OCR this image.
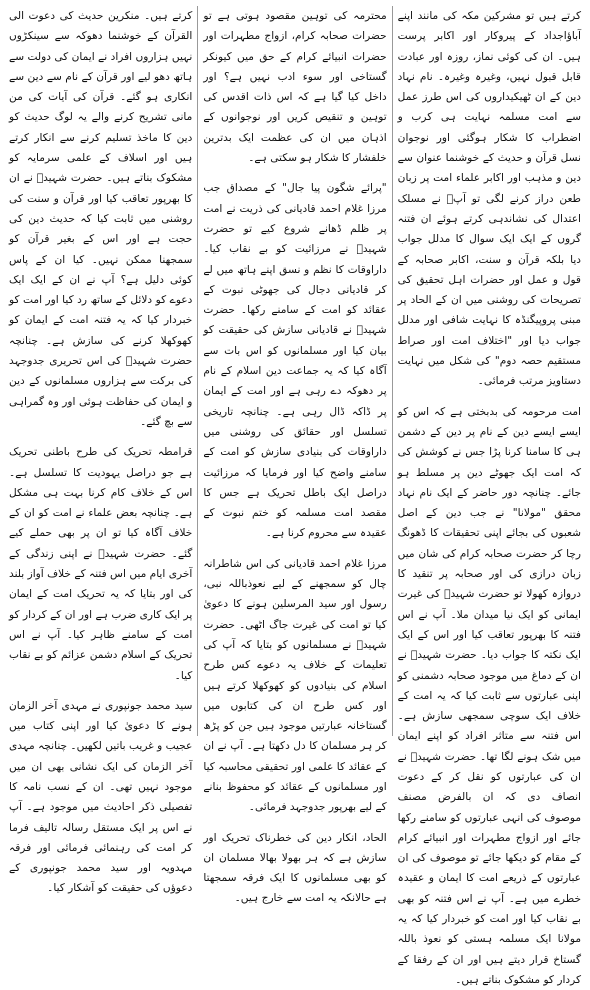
کرتے ہیں تو مشرکین مکہ کی مانند اپنے آباؤاجداد کے پیروکار اور اکابر پرست ہیں۔ ان کی کوئی نماز، روزہ اور عبادت قابل قبول نہیں، وغیرہ وغیرہ۔ نام نہاد دین کے ان ٹھیکیداروں کی اس طرز عمل سے امت مسلمہ نہایت ہی کرب و اضطراب کا شکار ہوگئی اور نوجوان نسل قرآن و حدیث کے خوشنما عنوان سے دین و مذہب اور اکابر علماء امت پر زبان طعن دراز کرنے لگی تو آپؒ نے مسلک اعتدال کی نشاندہی کرتے ہوئے ان فتنہ گروں کے ایک ایک سوال کا مدلل جواب دیا بلکہ قرآن و سنت، اکابر صحابہ کے قول و عمل اور حضرات اہل تحقیق کی تصریحات کی روشنی میں ان کے الحاد پر مبنی پروپیگنڈہ کا نہایت شافی اور مدلل جواب دیا اور "اختلاف امت اور صراط مستقیم حصہ دوم" کی شکل میں نہایت دستاویز مرتب فرمائی۔

امت مرحومہ کی بدبختی ہے کہ اس کو ایسے ایسے دین کے نام پر دین کے دشمن ہی کا سامنا کرنا پڑا جس نے کوشش کی کہ امت ایک جھوٹے دین پر مسلط ہو جائے۔ چنانچہ دور حاضر کے ایک نام نہاد محقق "مولانا" نے جب دین کے اصل شعبوں کی بجائے اپنی تحقیقات کا ڈھونگ رچا کر حضرت صحابہ کرام کی شان میں زبان درازی کی اور صحابہ پر تنقید کا دروازہ کھولا تو حضرت شہیدؒ کی غیرت ایمانی کو ایک نیا میدان ملا۔ آپ نے اس فتنہ کا بھرپور تعاقب کیا اور اس کے ایک ایک نکتہ کا جواب دیا۔ حضرت شہیدؒ نے ان کے دماغ میں موجود صحابہ دشمنی کو اپنی عبارتوں سے ثابت کیا کہ یہ امت کے خلاف ایک سوچی سمجھی سازش ہے۔ اس فتنہ سے متاثر افراد کو اپنے ایمان میں شک ہونے لگا تھا۔ حضرت شہیدؒ نے ان کی عبارتوں کو نقل کر کے دعوت انصاف دی کہ ان بالفرض مصنف موصوف کی انہی عبارتوں کو سامنے رکھا جائے اور ازواج مطہرات اور انبیائے کرام کے مقام کو دیکھا جائے تو موصوف کی ان عبارتوں کے ذریعے امت کا ایمان و عقیدہ خطرے میں ہے۔ آپ نے اس فتنہ کو بھی بے نقاب کیا اور امت کو خبردار کیا کہ یہ مولانا ایک مسلمہ ہستی کو نعوذ باللہ گستاخ قرار دیتے ہیں اور ان کے رفقا کے کردار کو مشکوک بناتے ہیں۔

محترمہ کی توہین مقصود ہوتی ہے تو حضرات صحابہ کرام، ازواج مطہرات اور حضرات انبیائے کرام کے حق میں کیونکر گستاخی اور سوء ادب نہیں ہے؟ اور داخل کیا گیا ہے کہ اس ذات اقدس کی توہین و تنقیص کریں اور نوجوانوں کے اذہان میں ان کی عظمت ایک بدترین خلفشار کا شکار ہو سکتی ہے۔

"پرائے شگون پیا جال" کے مصداق جب مرزا غلام احمد قادیانی کی ذریت نے امت پر ظلم ڈھانے شروع کیے تو حضرت شہیدؒ نے مرزائیت کو بے نقاب کیا۔ داراوقات کا نظم و نسق اپنے ہاتھ میں لے کر قادیانی دجال کی جھوٹی نبوت کے عقائد کو امت کے سامنے رکھا۔ حضرت شہیدؒ نے قادیانی سازش کی حقیقت کو بیان کیا اور مسلمانوں کو اس بات سے آگاہ کیا کہ یہ جماعت دین اسلام کے نام پر دھوکہ دے رہی ہے اور امت کے ایمان پر ڈاکہ ڈال رہی ہے۔ چنانچہ تاریخی تسلسل اور حقائق کی روشنی میں داراوقات کی بنیادی سازش کو امت کے سامنے واضح کیا اور فرمایا کہ مرزائیت دراصل ایک باطل تحریک ہے جس کا مقصد امت مسلمہ کو ختم نبوت کے عقیدہ سے محروم کرنا ہے۔

مرزا غلام احمد قادیانی کی اس شاطرانہ چال کو سمجھنے کے لیے نعوذباللہ نبی، رسول اور سید المرسلین ہونے کا دعویٰ کیا تو امت کی غیرت جاگ اٹھی۔ حضرت شہیدؒ نے مسلمانوں کو بتایا کہ آپ کی تعلیمات کے خلاف یہ دعوے کس طرح اسلام کی بنیادوں کو کھوکھلا کرتے ہیں اور کس طرح ان کی کتابوں میں گستاخانہ عبارتیں موجود ہیں جن کو پڑھ کر ہر مسلمان کا دل دکھتا ہے۔ آپ نے ان کے عقائد کا علمی اور تحقیقی محاسبہ کیا اور مسلمانوں کے عقائد کو محفوظ بنانے کے لیے بھرپور جدوجہد فرمائی۔

الحاد، انکار دین کی خطرناک تحریک اور سازش ہے کہ ہر بھولا بھالا مسلمان ان کو بھی مسلمانوں کا ایک فرقہ سمجھتا ہے حالانکہ یہ امت سے خارج ہیں۔

کرتے ہیں۔ منکرین حدیث کی دعوت الی القرآن کے خوشنما دھوکہ سے سینکڑوں نہیں ہزاروں افراد نے ایمان کی دولت سے ہاتھ دھو لیے اور قرآن کے نام سے دین سے انکاری ہو گئے۔ قرآن کی آیات کی من مانی تشریح کرنے والے یہ لوگ حدیث کو دین کا ماخذ تسلیم کرنے سے انکار کرتے ہیں اور اسلاف کے علمی سرمایہ کو مشکوک بناتے ہیں۔ حضرت شہیدؒ نے ان کا بھرپور تعاقب کیا اور قرآن و سنت کی روشنی میں ثابت کیا کہ حدیث دین کی حجت ہے اور اس کے بغیر قرآن کو سمجھنا ممکن نہیں۔ کیا ان کے پاس کوئی دلیل ہے؟ آپ نے ان کے ایک ایک دعوے کو دلائل کے ساتھ رد کیا اور امت کو خبردار کیا کہ یہ فتنہ امت کے ایمان کو کھوکھلا کرنے کی سازش ہے۔ چنانچہ حضرت شہیدؒ کی اس تحریری جدوجہد کی برکت سے ہزاروں مسلمانوں کے دین و ایمان کی حفاظت ہوئی اور وہ گمراہی سے بچ گئے۔

قرامطہ تحریک کی طرح باطنی تحریک ہے جو دراصل یہودیت کا تسلسل ہے۔ اس کے خلاف کام کرنا بہت ہی مشکل ہے۔ چنانچہ بعض علماء نے امت کو ان کے خلاف آگاہ کیا تو ان پر بھی حملے کیے گئے۔ حضرت شہیدؒ نے اپنی زندگی کے آخری ایام میں اس فتنہ کے خلاف آواز بلند کی اور بتایا کہ یہ تحریک امت کے ایمان پر ایک کاری ضرب ہے اور ان کے کردار کو امت کے سامنے ظاہر کیا۔ آپ نے اس تحریک کے اسلام دشمن عزائم کو بے نقاب کیا۔

سید محمد جونپوری نے مہدی آخر الزمان ہونے کا دعویٰ کیا اور اپنی کتاب میں عجیب و غریب باتیں لکھیں۔ چنانچہ مہدی آخر الزمان کی ایک نشانی بھی ان میں موجود نہیں تھی۔ ان کے نسب نامہ کا تفصیلی ذکر احادیث میں موجود ہے۔ آپ نے اس پر ایک مستقل رسالہ تالیف فرما کر امت کی رہنمائی فرمائی اور فرقہ مہدویہ اور سید محمد جونپوری کے دعوؤں کی حقیقت کو آشکار کیا۔
